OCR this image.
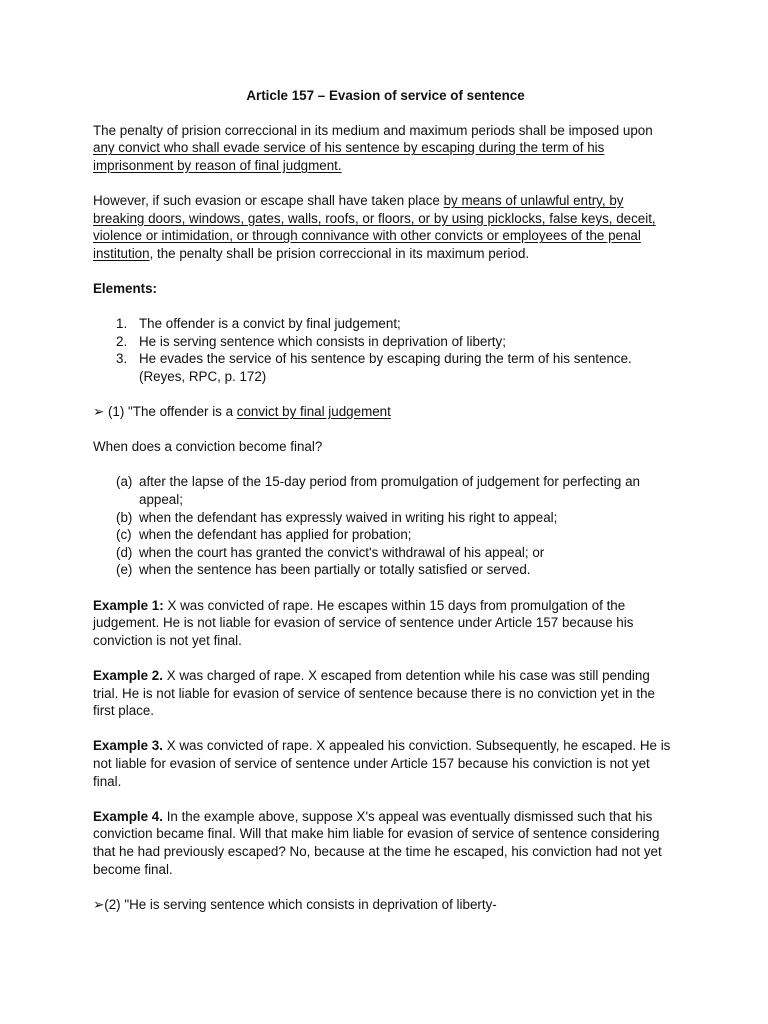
Article 157 – Evasion of service of sentence

The penalty of prision correccional in its medium and maximum periods shall be imposed upon any convict who shall evade service of his sentence by escaping during the term of his imprisonment by reason of final judgment.

However, if such evasion or escape shall have taken place by means of unlawful entry, by breaking doors, windows, gates, walls, roofs, or floors, or by using picklocks, false keys, deceit, violence or intimidation, or through connivance with other convicts or employees of the penal institution, the penalty shall be prision correccional in its maximum period.

Elements:

1. The offender is a convict by final judgement;
2. He is serving sentence which consists in deprivation of liberty;
3. He evades the service of his sentence by escaping during the term of his sentence. (Reyes, RPC, p. 172)

➢ (1) "The offender is a convict by final judgement

When does a conviction become final?

(a) after the lapse of the 15-day period from promulgation of judgement for perfecting an appeal;
(b) when the defendant has expressly waived in writing his right to appeal;
(c) when the defendant has applied for probation;
(d) when the court has granted the convict's withdrawal of his appeal; or
(e) when the sentence has been partially or totally satisfied or served.

Example 1: X was convicted of rape. He escapes within 15 days from promulgation of the judgement. He is not liable for evasion of service of sentence under Article 157 because his conviction is not yet final.

Example 2. X was charged of rape. X escaped from detention while his case was still pending trial. He is not liable for evasion of service of sentence because there is no conviction yet in the first place.

Example 3. X was convicted of rape. X appealed his conviction. Subsequently, he escaped. He is not liable for evasion of service of sentence under Article 157 because his conviction is not yet final.

Example 4. In the example above, suppose X's appeal was eventually dismissed such that his conviction became final. Will that make him liable for evasion of service of sentence considering that he had previously escaped? No, because at the time he escaped, his conviction had not yet become final.

➢(2) "He is serving sentence which consists in deprivation of liberty-
